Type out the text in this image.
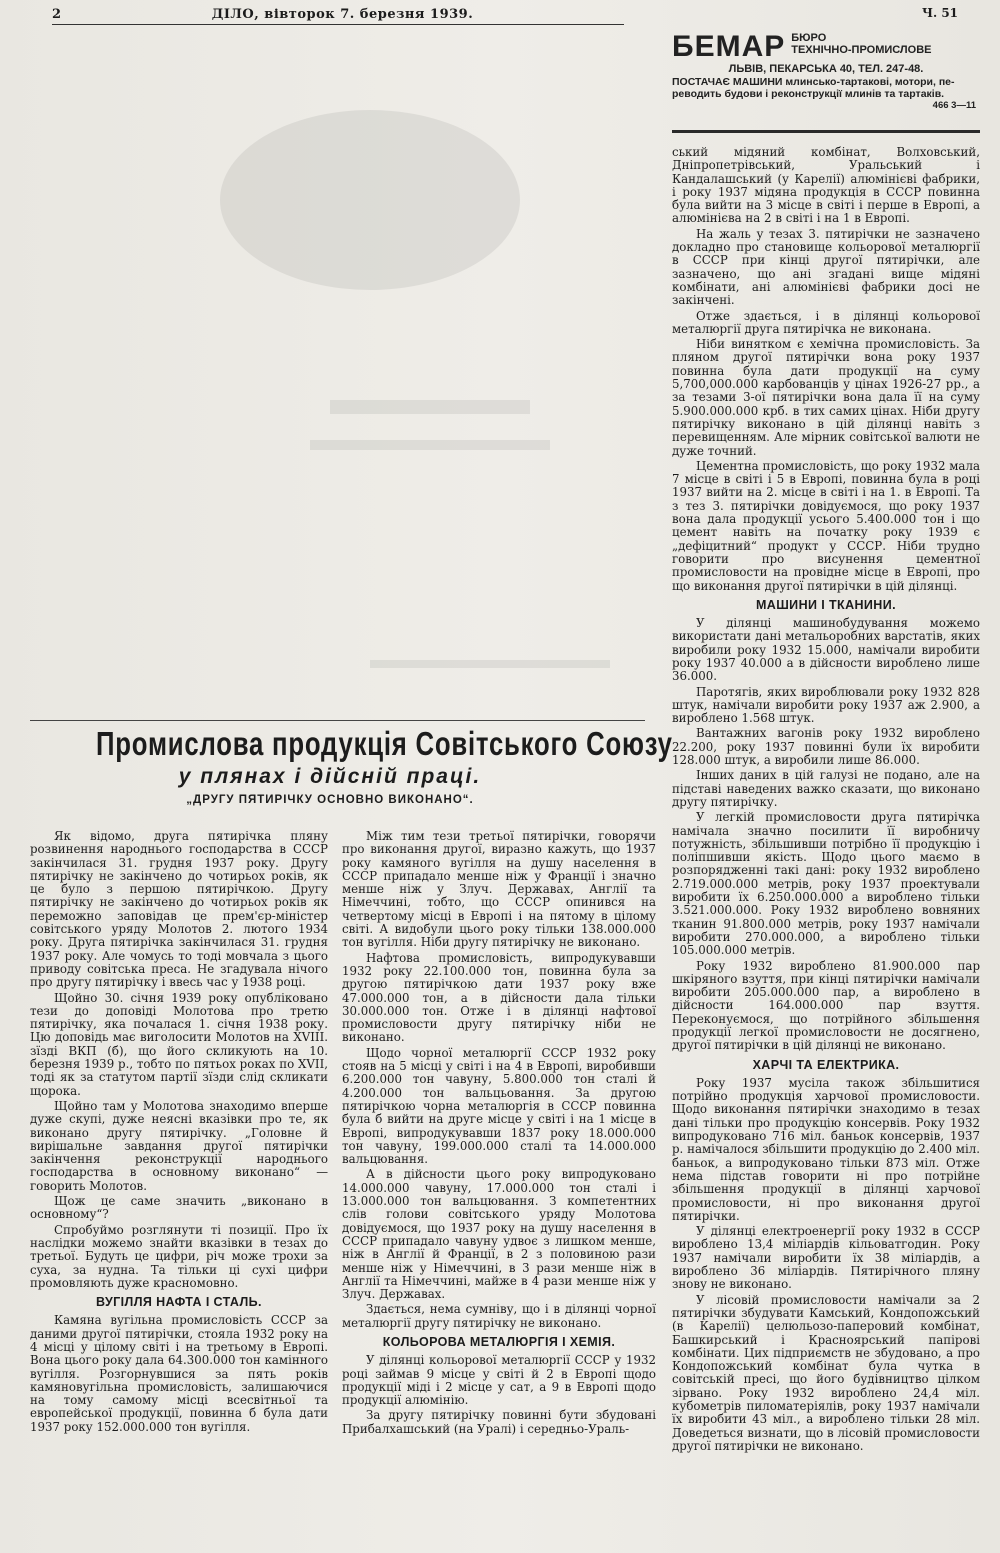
2	ДІЛО, вівторок 7. березня 1939.	Ч. 51
БЕМАР БЮРО
ТЕХНІЧНО-ПРОМИСЛОВЕ
ЛЬВІВ, ПЕКАРСЬКА 40, ТЕЛ. 247-48.
ПОСТАЧАЄ МАШИНИ млинсько-тартакові, мотори, пе-
реводить будови і реконструкції млинів та тартаків.
466 3—11
Промислова продукція Совітського Союзу
у плянах і дійсній праці.
„ДРУГУ ПЯТИРІЧКУ ОСНОВНО ВИКОНАНО“.

Як відомо, друга пятирічка пляну розвинення народнього господарства в СССР закінчилася 31. грудня 1937 року. Другу пятирічку не закінчено до чотирьох років, як це було з першою пятирічкою. Другу пятирічку не закінчено до чотирьох років як переможно заповідав це прем'єр-міністер совітського уряду Молотов 2. лютого 1934 року. Друга пятирічка закінчилася 31. грудня 1937 року. Але чомусь то тоді мовчала з цього приводу совітська преса. Не згадувала нічого про другу пятирічку і ввесь час у 1938 році.

Щойно 30. січня 1939 року опубліковано тези до доповіді Молотова про третю пятирічку, яка почалася 1. січня 1938 року. Цю доповідь має виголосити Молотов на XVIII. зїзді ВКП (б), що його скликують на 10. березня 1939 р., тобто по пятьох роках по XVII, тоді як за статутом партії зїзди слід скликати щорока.

Щойно там у Молотова знаходимо вперше дуже скупі, дуже неясні вказівки про те, як виконано другу пятирічку. „Головне й вирішальне завдання другої пятирічки закінчення реконструкції народнього господарства в основному виконано“ — говорить Молотов.

Щож це саме значить „виконано в основному“?

Спробуймо розглянути ті позиції. Про їх наслідки можемо знайти вказівки в тезах до третьої. Будуть це цифри, річ може трохи за суха, за нудна. Та тільки ці сухі цифри промовляють дуже красномовно.

ВУГІЛЛЯ НАФТА І СТАЛЬ.

Камяна вугільна промисловість СССР за даними другої пятирічки, стояла 1932 року на 4 місці у цілому світі і на третьому в Европі. Вона цього року дала 64.300.000 тон камінного вугілля. Розгорнувшися за пять років камяновугільна промисловість, залишаючися на тому самому місці всесвітньої та европейської продукції, повинна б була дати 1937 року 152.000.000 тон вугілля.

Між тим тези третьої пятирічки, говорячи про виконання другої, виразно кажуть, що 1937 року камяного вугілля на душу населення в СССР припадало менше ніж у Франції і значно менше ніж у Злуч. Державах, Англії та Німеччині, тобто, що СССР опинився на четвертому місці в Европі і на пятому в цілому світі. А видобули цього року тільки 138.000.000 тон вугілля. Ніби другу пятирічку не виконано.

Нафтова промисловість, випродукувавши 1932 року 22.100.000 тон, повинна була за другою пятирічкою дати 1937 року вже 47.000.000 тон, а в дійсности дала тільки 30.000.000 тон. Отже і в ділянці нафтової промисловости другу пятирічку ніби не виконано.

Щодо чорної металюргії СССР 1932 року стояв на 5 місці у світі і на 4 в Европі, виробивши 6.200.000 тон чавуну, 5.800.000 тон сталі й 4.200.000 тон вальцьовання. За другою пятирічкою чорна металюргія в СССР повинна була б вийти на друге місце у світі і на 1 місце в Европі, випродукувавши 1837 року 18.000.000 тон чавуну, 199.000.000 сталі та 14.000.000 вальцювання.

А в дійсности цього року випродуковано 14.000.000 чавуну, 17.000.000 тон сталі і 13.000.000 тон вальцювання. З компетентних слів голови совітського уряду Молотова довідуємося, що 1937 року на душу населення в СССР припадало чавуну удвоє з лишком менше, ніж в Англії й Франції, в 2 з половиною рази менше ніж у Німеччині, в 3 рази менше ніж в Англії та Німеччині, майже в 4 рази менше ніж у Злуч. Державах.

Здається, нема сумніву, що і в ділянці чорної металюргії другу пятирічку не виконано.

КОЛЬОРОВА МЕТАЛЮРГІЯ І ХЕМІЯ.

У ділянці кольорової металюргії СССР у 1932 році займав 9 місце у світі й 2 в Европі щодо продукції міді і 2 місце у сат, а 9 в Европі щодо продукції алюмінію.

За другу пятирічку повинні бути збудовані Прибалхашський (на Уралі) і середньо-Ураль-

ський мідяний комбінат, Волховський, Дніпропетрівський, Уральський і Кандалашський (у Карелії) алюмінієві фабрики, і року 1937 мідяна продукція в СССР повинна була вийти на 3 місце в світі і перше в Европі, а алюмінієва на 2 в світі і на 1 в Европі.

На жаль у тезах 3. пятирічки не зазначено докладно про становище кольорової металюргії в СССР при кінці другої пятирічки, але зазначено, що ані згадані вище мідяні комбінати, ані алюмінієві фабрики досі не закінчені.

Отже здається, і в ділянці кольорової металюргії друга пятирічка не виконана.

Ніби винятком є хемічна промисловість. За пляном другої пятирічки вона року 1937 повинна була дати продукції на суму 5,700,000.000 карбованців у цінах 1926-27 рр., а за тезами 3-ої пятирічки вона дала її на суму 5.900.000.000 крб. в тих самих цінах. Ніби другу пятирічку виконано в цій ділянці навіть з перевищенням. Але мірник совітської валюти не дуже точний.

Цементна промисловість, що року 1932 мала 7 місце в світі і 5 в Европі, повинна була в році 1937 вийти на 2. місце в світі і на 1. в Европі. Та з тез 3. пятирічки довідуємося, що року 1937 вона дала продукції усього 5.400.000 тон і що цемент навіть на початку року 1939 є „дефіцитний“ продукт у СССР. Ніби трудно говорити про висунення цементної промисловости на провідне місце в Европі, про що виконання другої пятирічки в цій ділянці.

МАШИНИ І ТКАНИНИ.

У ділянці машинобудування можемо використати дані метальоробних варстатів, яких виробили року 1932 15.000, намічали виробити року 1937 40.000 а в дійсности вироблено лише 36.000.

Паротягів, яких виробл​ювали року 1932 828 штук, намічали виробити року 1937 аж 2.900, а вироблено 1.568 штук.

Вантажних вагонів року 1932 вироблено 22.200, року 1937 повинні були їх виробити 128.000 штук, а виробили лише 86.000.

Інших даних в цій галузі не подано, але на підставі наведених важко сказати, що виконано другу пятирічку.

У легкій промисловости друга пятирічка намічала значно посилити її виробничу потужність, збільшивши потрібно її продукцію і поліпшивши якість. Щодо цього маємо в розпорядженні такі дані: року 1932 вироблено 2.719.000.000 метрів, року 1937 проектували виробити їх 6.250.000.000 а вироблено тільки 3.521.000.000. Року 1932 вироблено вовняних тканин 91.800.000 метрів, року 1937 намічали виробити 270.000.000, а вироблено тільки 105.000.000 метрів.

Року 1932 вироблено 81.900.000 пар шкіряного взуття, при кінці пятирічки намічали виробити 205.000.000 пар, а вироблено в дійсности 164.000.000 пар взуття. Переконуємося, що потрійного збільшення продукції легкої промисловости не досягнено, другої пятирічки в цій ділянці не виконано.

ХАРЧІ ТА ЕЛЕКТРИКА.

Року 1937 мусіла також збільшитися потрійно продукція харчової промисловости. Щодо виконання пятирічки знаходимо в тезах дані тільки про продукцію консервів. Року 1932 випродуковано 716 міл. баньок консервів, 1937 р. намічалося збільшити продукцію до 2.400 міл. баньок, а випродуковано тільки 873 міл. Отже нема підстав говорити ні про потрійне збільшення продукції в ділянці харчової промисловости, ні про виконання другої пятирічки.

У ділянці електроенергії року 1932 в СССР вироблено 13,4 міліардів кільоватгодин. Року 1937 намічали виробити їх 38 міліардів, а вироблено 36 міліардів. Пятирічного пляну знову не виконано.

У лісовій промисловости намічали за 2 пятирічки збудувати Камський, Кондопожський (в Карелії) целюльозо-паперовий комбінат, Башкирський і Красноярський папірові комбінати. Цих підприємств не збудовано, а про Кондопожський комбінат була чутка в совітській пресі, що його будівництво цілком зірвано. Року 1932 вироблено 24,4 міл. кубометрів пиломатеріялів, року 1937 намічали їх виробити 43 міл., а вироблено тільки 28 міл. Доведеться визнати, що в лісовій промисловости другої пятирічки не виконано.
